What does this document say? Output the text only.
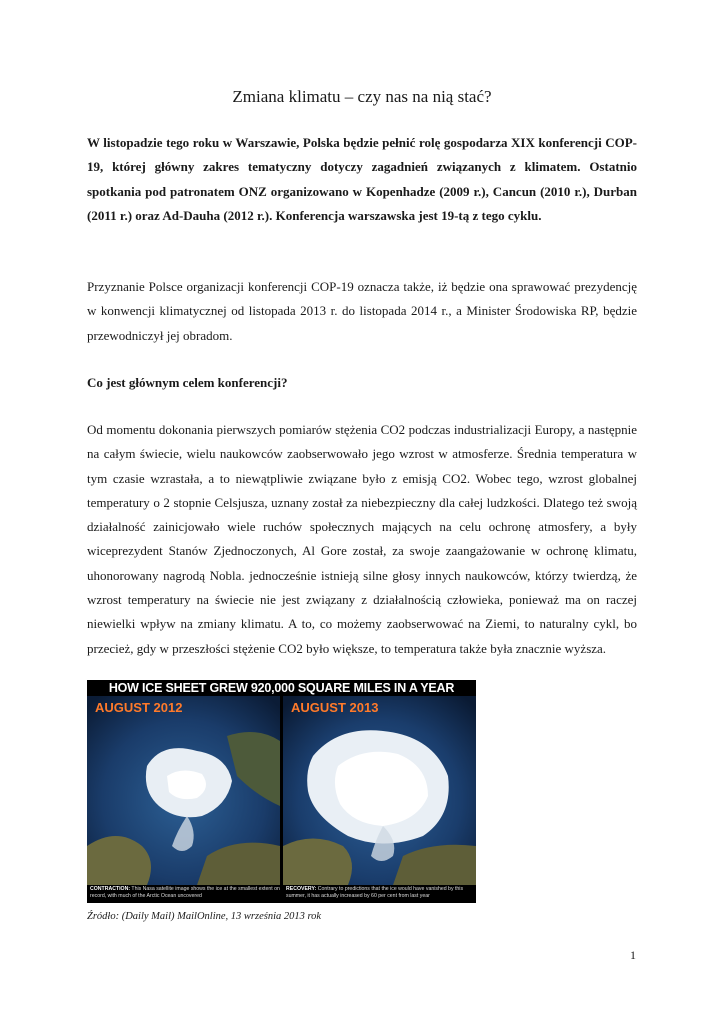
Zmiana klimatu – czy nas na nią stać?

W listopadzie tego roku w Warszawie, Polska będzie pełnić rolę gospodarza XIX konferencji COP-19, której główny zakres tematyczny dotyczy zagadnień związanych z klimatem. Ostatnio spotkania pod patronatem ONZ organizowano w Kopenhadze (2009 r.), Cancun (2010 r.), Durban (2011 r.) oraz Ad-Dauha (2012 r.). Konferencja warszawska jest 19-tą z tego cyklu.

Przyznanie Polsce organizacji konferencji COP-19 oznacza także, iż będzie ona sprawować prezydencję w konwencji klimatycznej od listopada 2013 r. do listopada 2014 r., a Minister Środowiska RP, będzie przewodniczył jej obradom.

Co jest głównym celem konferencji?

Od momentu dokonania pierwszych pomiarów stężenia CO2 podczas industrializacji Europy, a następnie na całym świecie, wielu naukowców zaobserwowało jego wzrost w atmosferze. Średnia temperatura w tym czasie wzrastała, a to niewątpliwie związane było z emisją CO2. Wobec tego, wzrost globalnej temperatury o 2 stopnie Celsjusza, uznany został za niebezpieczny dla całej ludzkości. Dlatego też swoją działalność zainicjowało wiele ruchów społecznych mających na celu ochronę atmosfery, a były wiceprezydent Stanów Zjednoczonych, Al Gore został, za swoje zaangażowanie w ochronę klimatu, uhonorowany nagrodą Nobla. jednocześnie istnieją silne głosy innych naukowców, którzy twierdzą, że wzrost temperatury na świecie nie jest związany z działalnością człowieka, ponieważ ma on raczej niewielki wpływ na zmiany klimatu. A to, co możemy zaobserwować na Ziemi, to naturalny cykl, bo przecież, gdy w przeszłości stężenie CO2 było większe, to temperatura także była znacznie wyższa.

HOW ICE SHEET GREW 920,000 SQUARE MILES IN A YEAR
AUGUST 2012	AUGUST 2013
CONTRACTION: This Nasa satellite image shows the ice at the smallest extent on record, with much of the Arctic Ocean uncovered
RECOVERY: Contrary to predictions that the ice would have vanished by this summer, it has actually increased by 60 per cent from last year
Źródło: (Daily Mail) MailOnline, 13 września 2013 rok
1
